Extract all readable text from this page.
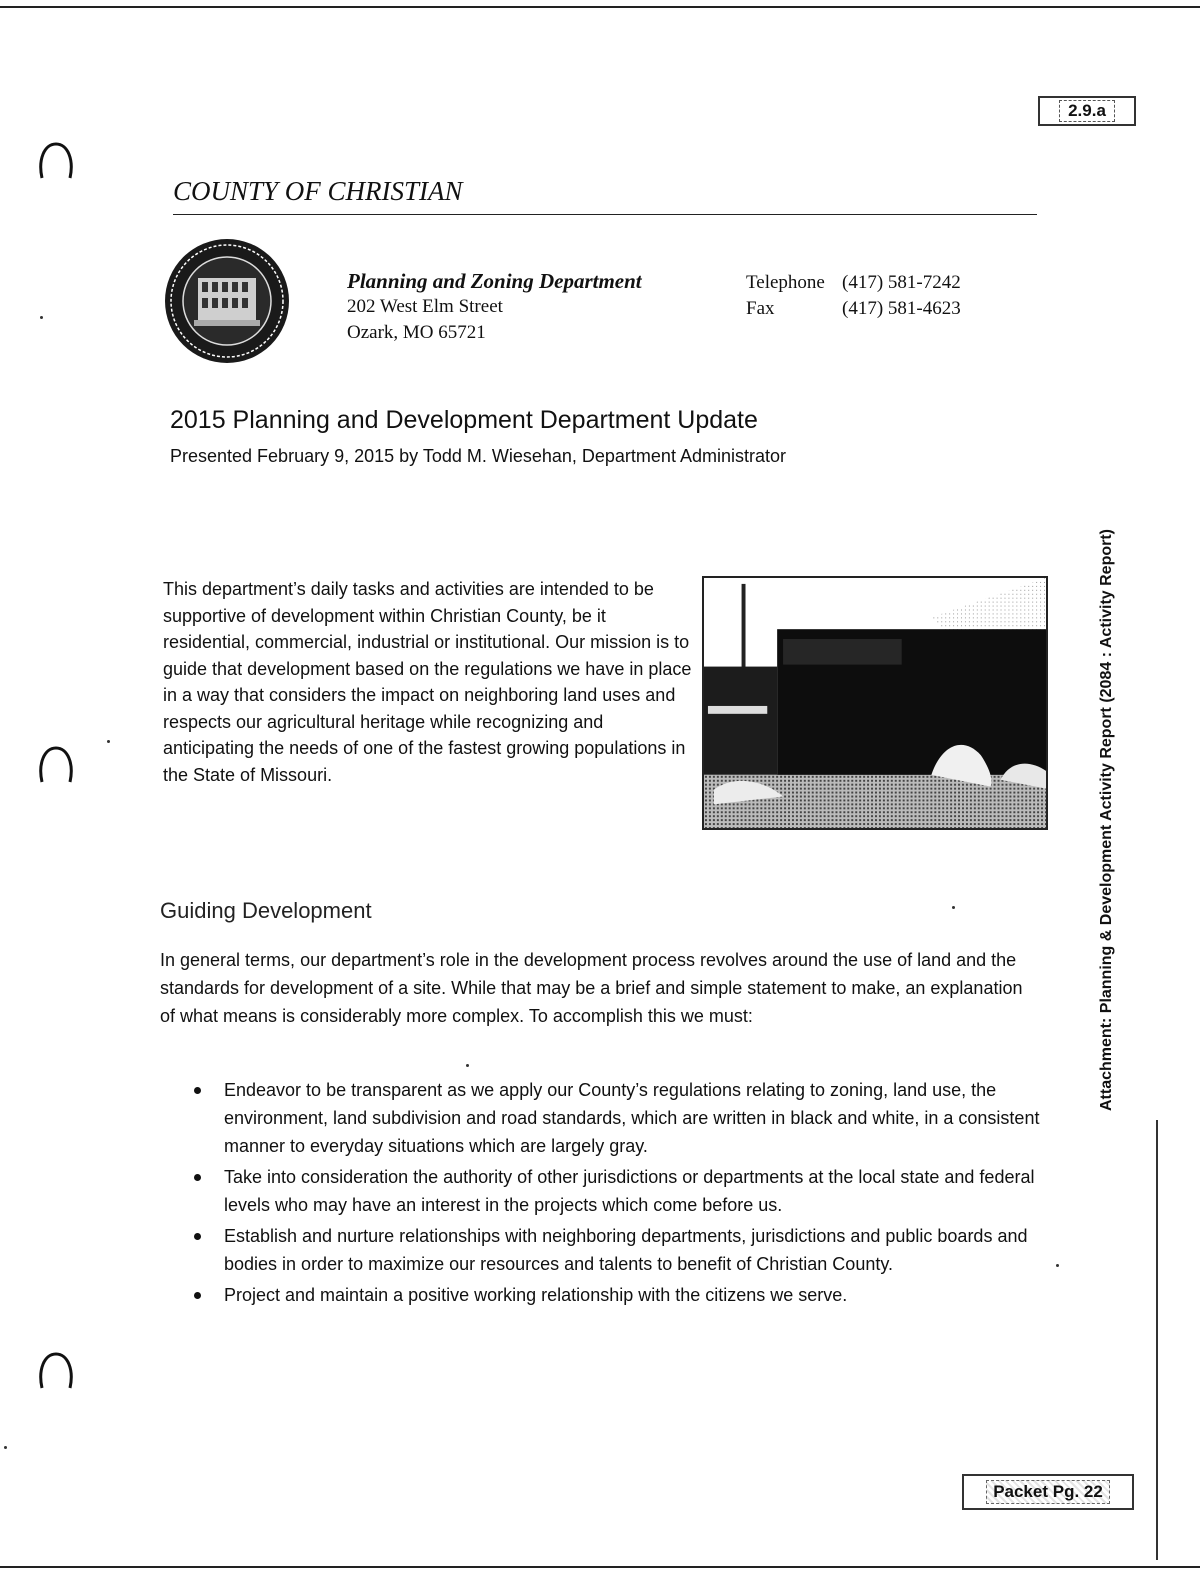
2.9.a
COUNTY OF CHRISTIAN
Planning and Zoning Department
202 West Elm Street
Ozark, MO 65721
Telephone (417) 581-7242
Fax	(417) 581-4623
2015 Planning and Development Department Update
Presented February 9, 2015 by Todd M. Wiesehan, Department Administrator
This department’s daily tasks and activities are intended to be supportive of development within Christian County, be it residential, commercial, industrial or institutional. Our mission is to guide that development based on the regulations we have in place in a way that considers the impact on neighboring land uses and respects our agricultural heritage while recognizing and anticipating the needs of one of the fastest growing populations in the State of Missouri.
Guiding Development
In general terms, our department’s role in the development process revolves around the use of land and the standards for development of a site. While that may be a brief and simple statement to make, an explanation of what means is considerably more complex. To accomplish this we must:
Endeavor to be transparent as we apply our County’s regulations relating to zoning, land use, the environment, land subdivision and road standards, which are written in black and white, in a consistent manner to everyday situations which are largely gray.
Take into consideration the authority of other jurisdictions or departments at the local state and federal levels who may have an interest in the projects which come before us.
Establish and nurture relationships with neighboring departments, jurisdictions and public boards and bodies in order to maximize our resources and talents to benefit of Christian County.
Project and maintain a positive working relationship with the citizens we serve.
Attachment: Planning & Development Activity Report (2084 : Activity Report)
Packet Pg. 22
